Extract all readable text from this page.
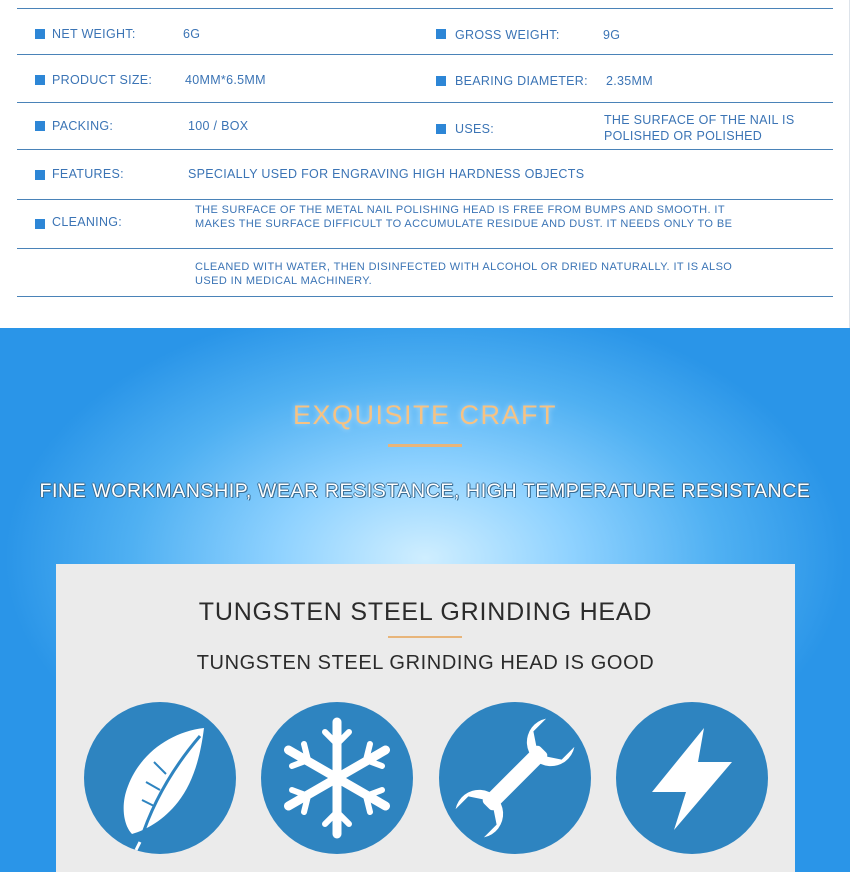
NET WEIGHT:	6G	GROSS WEIGHT:	9G
PRODUCT SIZE:	40MM*6.5MM	BEARING DIAMETER: 2.35MM
PACKING:	100 / BOX	USES:
THE SURFACE OF THE NAIL IS
POLISHED OR POLISHED
FEATURES:	SPECIALLY USED FOR ENGRAVING HIGH HARDNESS OBJECTS
CLEANING:
THE SURFACE OF THE METAL NAIL POLISHING HEAD IS FREE FROM BUMPS AND SMOOTH. IT
MAKES THE SURFACE DIFFICULT TO ACCUMULATE RESIDUE AND DUST. IT NEEDS ONLY TO BE
CLEANED WITH WATER, THEN DISINFECTED WITH ALCOHOL OR DRIED NATURALLY. IT IS ALSO
USED IN MEDICAL MACHINERY.
EXQUISITE CRAFT
FINE WORKMANSHIP, WEAR RESISTANCE, HIGH TEMPERATURE RESISTANCE
TUNGSTEN STEEL GRINDING HEAD
TUNGSTEN STEEL GRINDING HEAD IS GOOD
